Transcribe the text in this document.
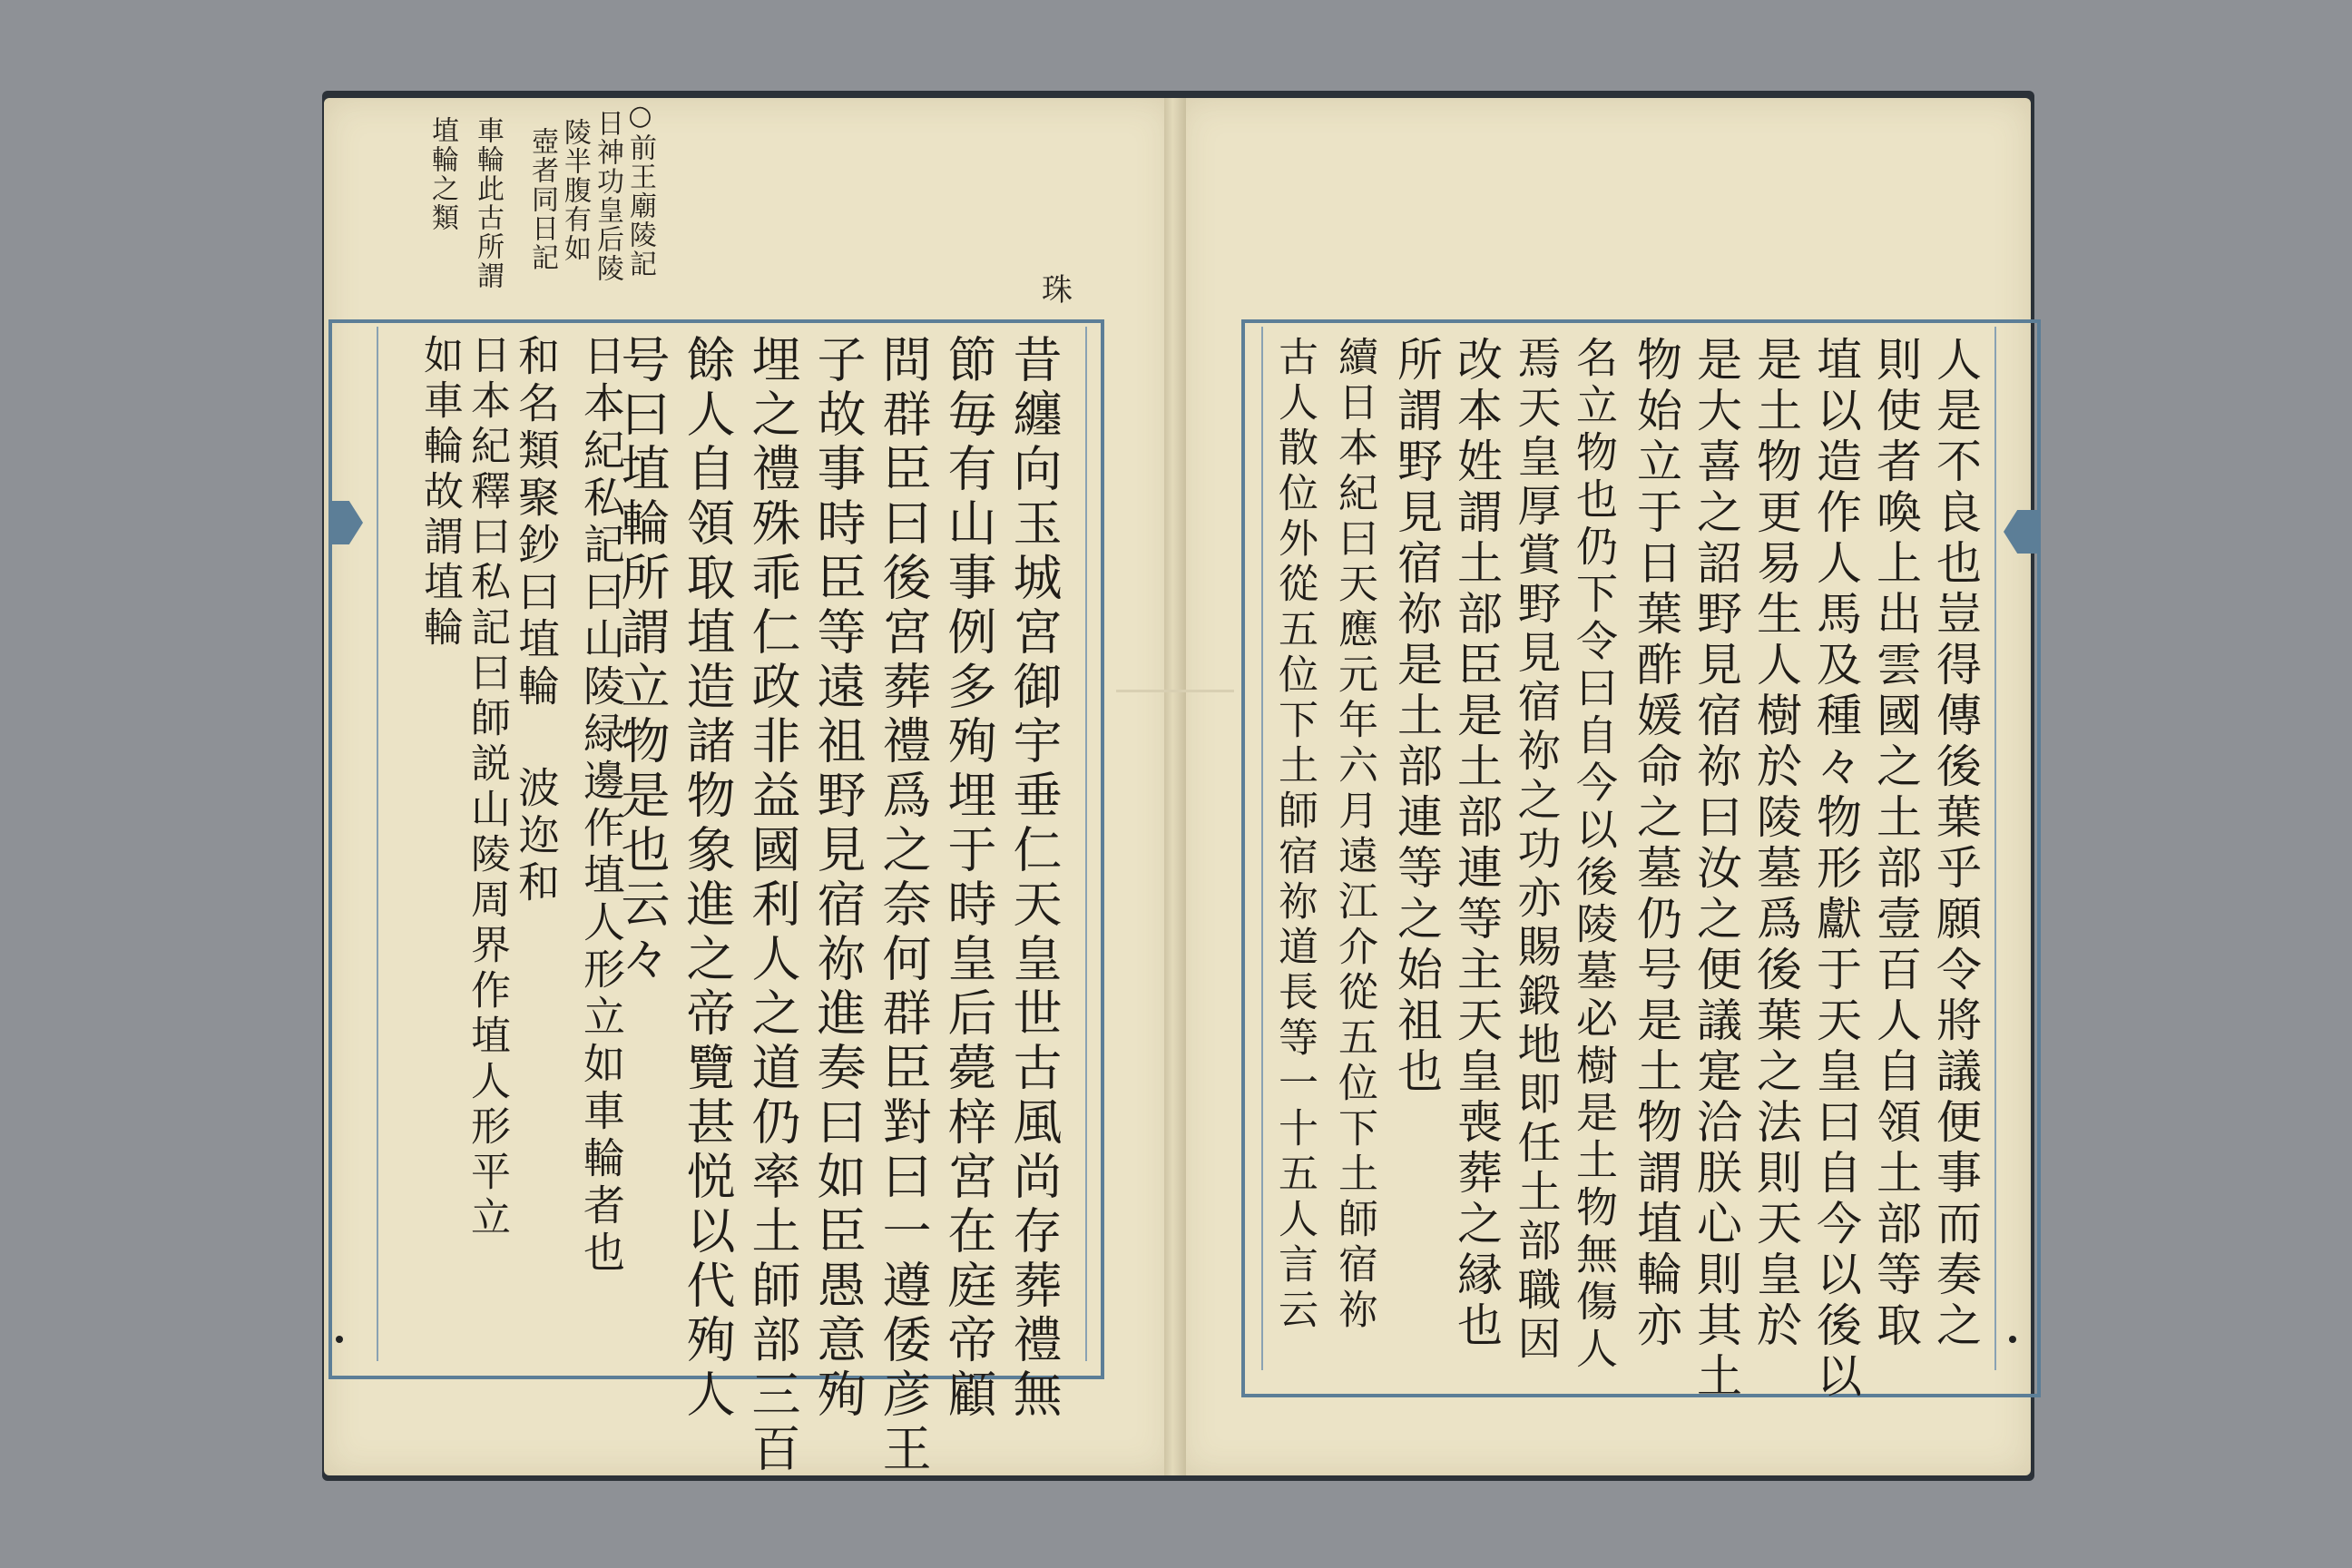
○前王廟陵記
日神功皇后陵
陵半腹有如
壺者同日記
車輪此古所謂
埴輪之類
珠
昔纏向玉城宮御宇垂仁天皇世古風尚存葬禮無
節毎有山事例多殉埋于時皇后薨梓宮在庭帝顧
問群臣曰後宮葬禮爲之奈何群臣對曰一遵倭彦王
子故事時臣等遠祖野見宿祢進奏曰如臣愚意殉
埋之禮殊乖仁政非益國利人之道仍率土師部三百
餘人自領取埴造諸物象進之帝覽甚悦以代殉人
号曰埴輪所謂立物是也云々
日本紀私記曰山陵緑邊作埴人形立如車輪者也
和名類聚鈔曰埴輪 波迩和
日本紀釋曰私記曰師説山陵周界作埴人形平立
如車輪故謂埴輪	人是不良也豈得傳後葉乎願令將議便事而奏之
則使者喚上出雲國之土部壹百人自領土部等取
埴以造作人馬及種々物形獻于天皇曰自今以後以
是土物更易生人樹於陵墓爲後葉之法則天皇於
是大喜之詔野見宿祢曰汝之便議寔洽朕心則其土
物始立于日葉酢媛命之墓仍号是土物謂埴輪亦
名立物也仍下令曰自今以後陵墓必樹是土物無傷人
焉天皇厚賞野見宿祢之功亦賜鍛地即任土部職因
改本姓謂土部臣是土部連等主天皇喪葬之縁也
所謂野見宿祢是土部連等之始祖也
續日本紀曰天應元年六月遠江介從五位下土師宿祢
古人散位外從五位下土師宿祢道長等一十五人言云
